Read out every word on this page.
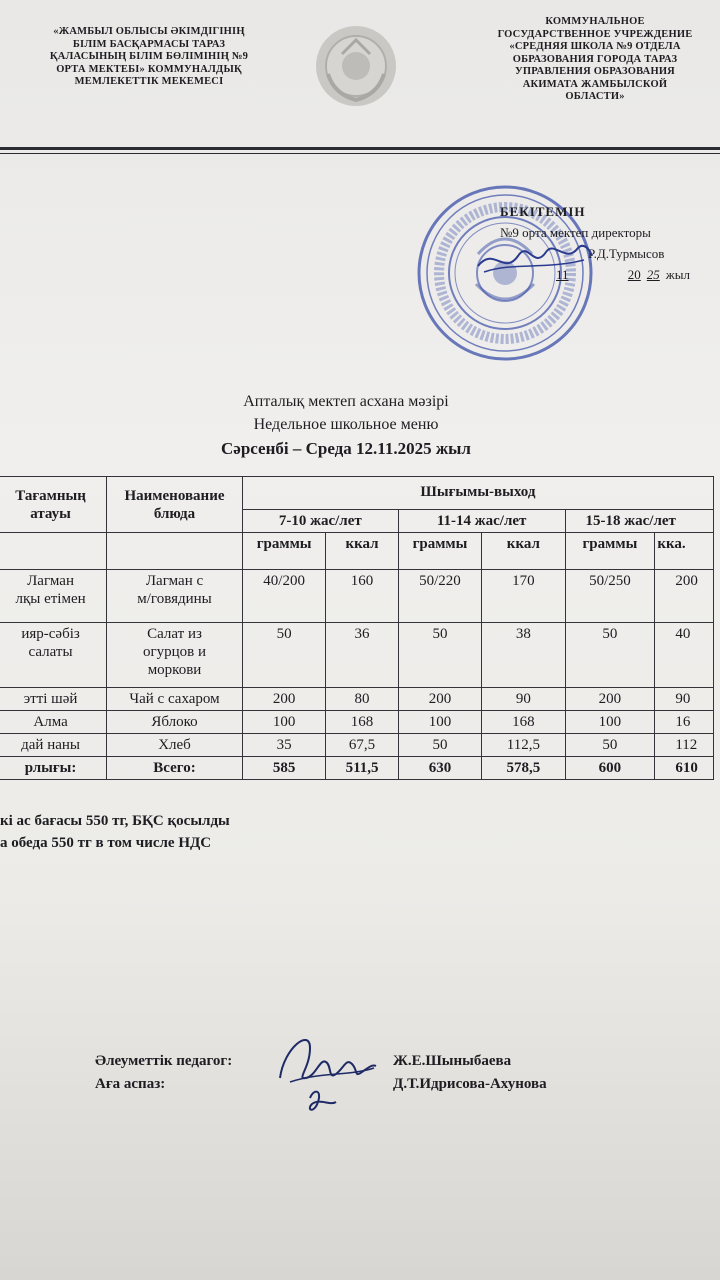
«ЖАМБЫЛ ОБЛЫСЫ ӘКІМДІГІНІҢ
БІЛІМ БАСҚАРМАСЫ ТАРАЗ
ҚАЛАСЫНЫҢ БІЛІМ БӨЛІМІНІҢ №9
ОРТА МЕКТЕБІ» КОММУНАЛДЫҚ
МЕМЛЕКЕТТІК МЕКЕМЕСІ
КОММУНАЛЬНОЕ
ГОСУДАРСТВЕННОЕ УЧРЕЖДЕНИЕ
«СРЕДНЯЯ ШКОЛА №9 ОТДЕЛА
ОБРАЗОВАНИЯ ГОРОДА ТАРАЗ
УПРАВЛЕНИЯ ОБРАЗОВАНИЯ
АКИМАТА ЖАМБЫЛСКОЙ
ОБЛАСТИ»
БЕКІТЕМІН
№9 орта мектеп директоры
Р.Д.Турмысов
11	20 25 жыл
Апталық мектеп асхана мәзірі
Недельное школьное меню
Сәрсенбі – Среда 12.11.2025 жыл
Тағамның атауы	Наименование блюда	Шығымы-выход					
		7-10 жас/лет		11-14 жас/лет		15-18 жас/лет	
		граммы	ккал	граммы	ккал	граммы	кка.
Лагман
лқы етімен	Лагман с
м/говядины	40/200	160	50/220	170	50/250	200
ияр-сәбіз
салаты	Салат из
огурцов и
моркови	50	36	50	38	50	40
этті шәй	Чай с сахаром	200	80	200	90	200	90
Алма	Яблоко	100	168	100	168	100	16
дай наны	Хлеб	35	67,5	50	112,5	50	112
рлығы:	Всего:	585	511,5	630	578,5	600	610
кі ас бағасы 550 тг, БҚС қосылды
а обеда 550 тг в том числе НДС
Әлеуметтік педагог:
Аға аспаз:
Ж.Е.Шыныбаева
Д.Т.Идрисова-Ахунова
